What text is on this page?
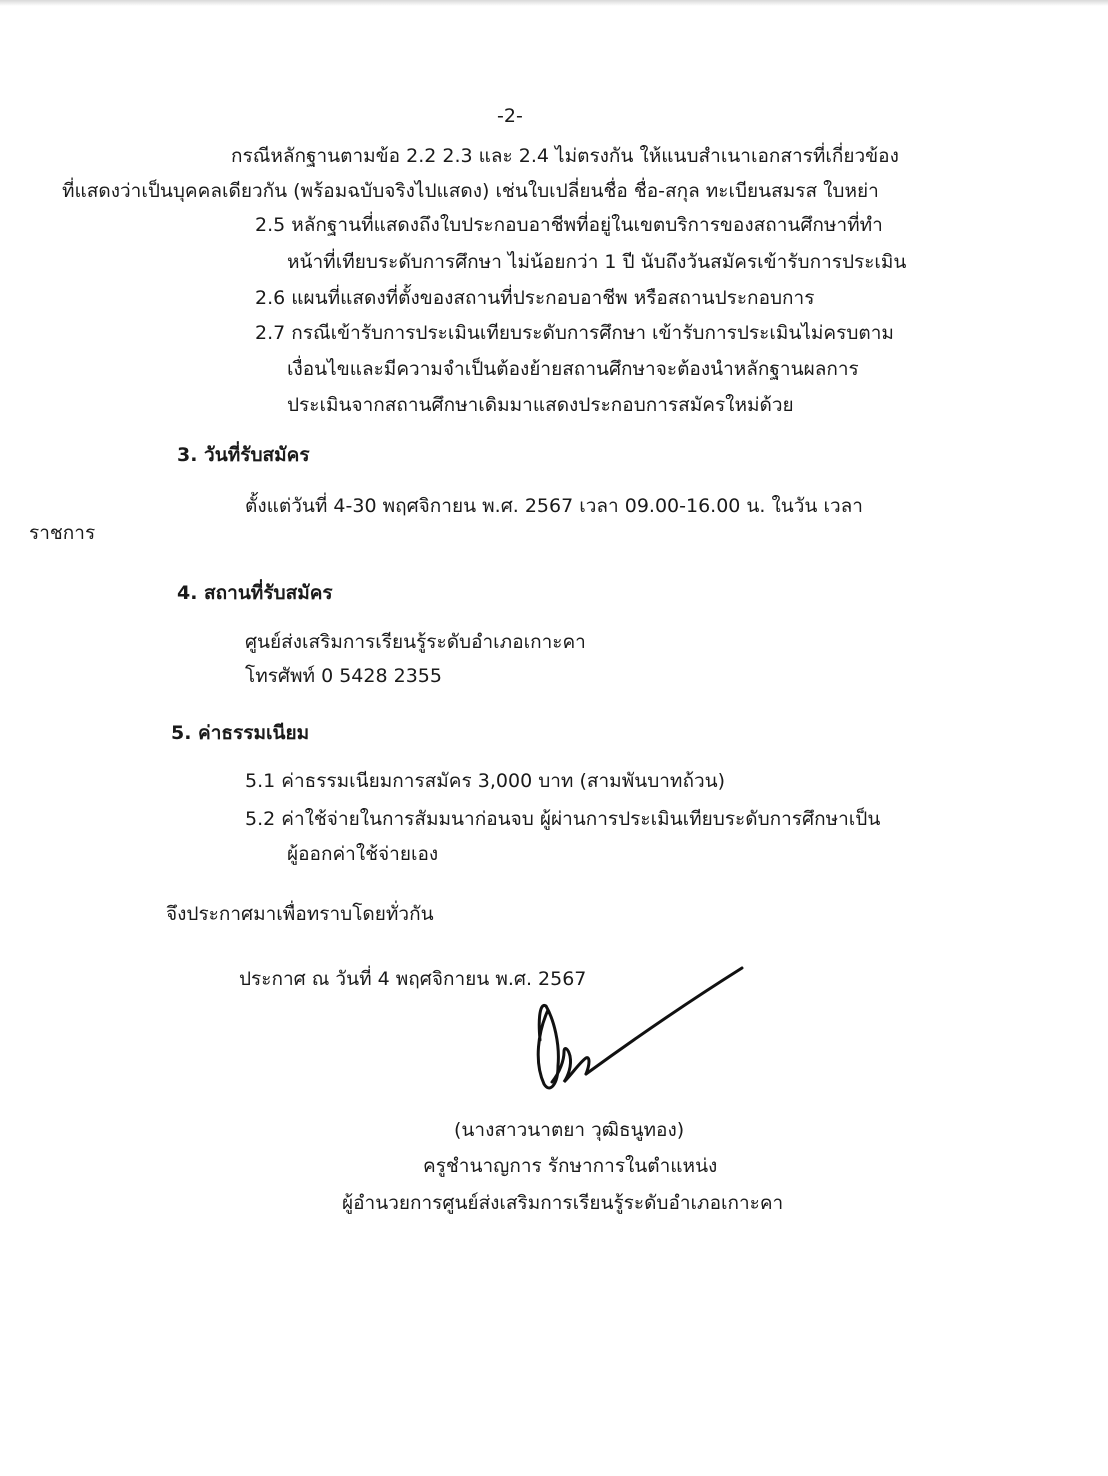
-2-
กรณีหลักฐานตามข้อ 2.2 2.3 และ 2.4 ไม่ตรงกัน ให้แนบสำเนาเอกสารที่เกี่ยวข้อง
ที่แสดงว่าเป็นบุคคลเดียวกัน (พร้อมฉบับจริงไปแสดง) เช่นใบเปลี่ยนชื่อ ชื่อ-สกุล ทะเบียนสมรส ใบหย่า
2.5 หลักฐานที่แสดงถึงใบประกอบอาชีพที่อยู่ในเขตบริการของสถานศึกษาที่ทำ
หน้าที่เทียบระดับการศึกษา ไม่น้อยกว่า 1 ปี นับถึงวันสมัครเข้ารับการประเมิน
2.6 แผนที่แสดงที่ตั้งของสถานที่ประกอบอาชีพ หรือสถานประกอบการ
2.7 กรณีเข้ารับการประเมินเทียบระดับการศึกษา เข้ารับการประเมินไม่ครบตาม
เงื่อนไขและมีความจำเป็นต้องย้ายสถานศึกษาจะต้องนำหลักฐานผลการ
ประเมินจากสถานศึกษาเดิมมาแสดงประกอบการสมัครใหม่ด้วย
3. วันที่รับสมัคร
ตั้งแต่วันที่ 4-30 พฤศจิกายน พ.ศ. 2567 เวลา 09.00-16.00 น. ในวัน เวลา
ราชการ
4. สถานที่รับสมัคร
ศูนย์ส่งเสริมการเรียนรู้ระดับอำเภอเกาะคา
โทรศัพท์ 0 5428 2355
5. ค่าธรรมเนียม
5.1 ค่าธรรมเนียมการสมัคร 3,000 บาท (สามพันบาทถ้วน)
5.2 ค่าใช้จ่ายในการสัมมนาก่อนจบ ผู้ผ่านการประเมินเทียบระดับการศึกษาเป็น
ผู้ออกค่าใช้จ่ายเอง
จึงประกาศมาเพื่อทราบโดยทั่วกัน
ประกาศ ณ วันที่ 4 พฤศจิกายน พ.ศ. 2567
(นางสาวนาตยา วุฒิธนูทอง)
ครูชำนาญการ รักษาการในตำแหน่ง
ผู้อำนวยการศูนย์ส่งเสริมการเรียนรู้ระดับอำเภอเกาะคา
